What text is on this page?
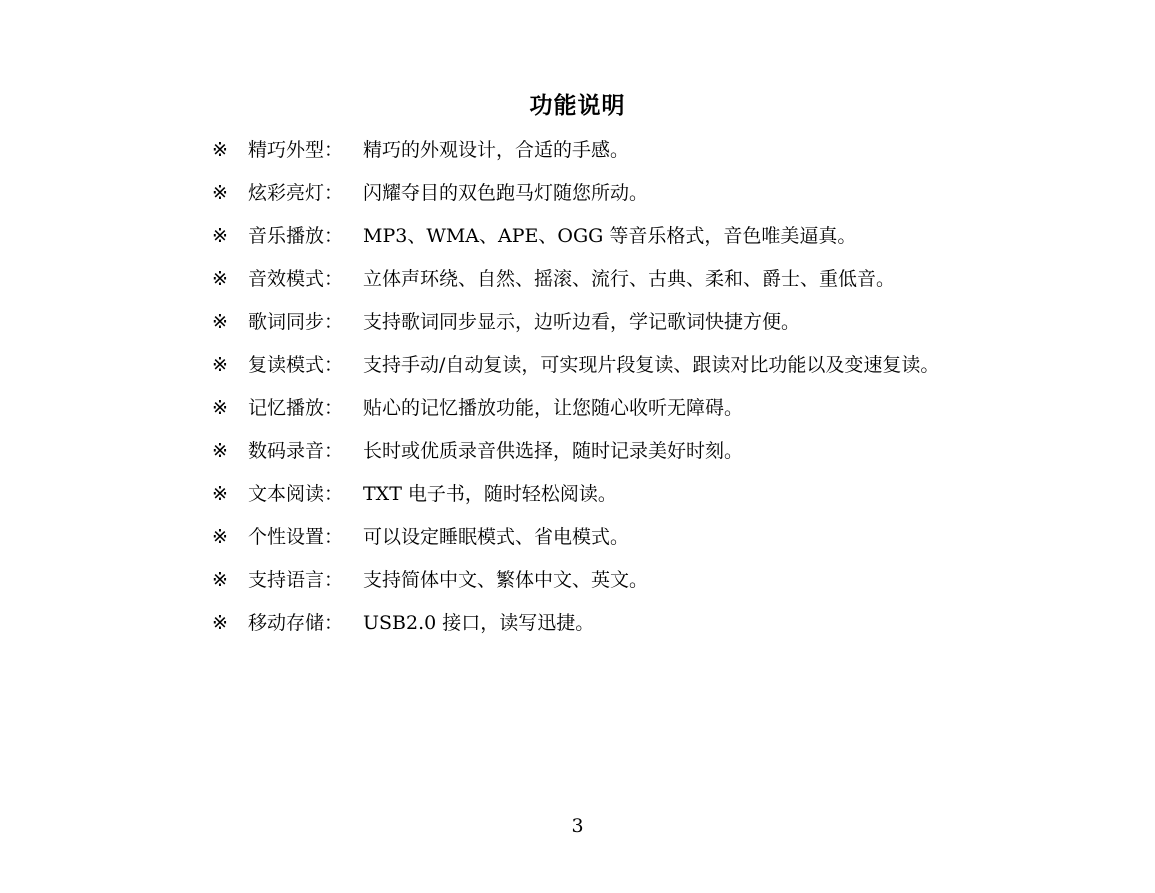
功能说明
※	精巧外型：	精巧的外观设计，合适的手感。
※	炫彩亮灯：	闪耀夺目的双色跑马灯随您所动。
※	音乐播放：	MP3、WMA、APE、OGG 等音乐格式，音色唯美逼真。
※	音效模式：	立体声环绕、自然、摇滚、流行、古典、柔和、爵士、重低音。
※	歌词同步：	支持歌词同步显示，边听边看，学记歌词快捷方便。
※	复读模式：	支持手动/自动复读，可实现片段复读、跟读对比功能以及变速复读。
※	记忆播放：	贴心的记忆播放功能，让您随心收听无障碍。
※	数码录音：	长时或优质录音供选择，随时记录美好时刻。
※	文本阅读：	TXT 电子书，随时轻松阅读。
※	个性设置：	可以设定睡眠模式、省电模式。
※	支持语言：	支持简体中文、繁体中文、英文。
※	移动存储：	USB2.0 接口，读写迅捷。
3
